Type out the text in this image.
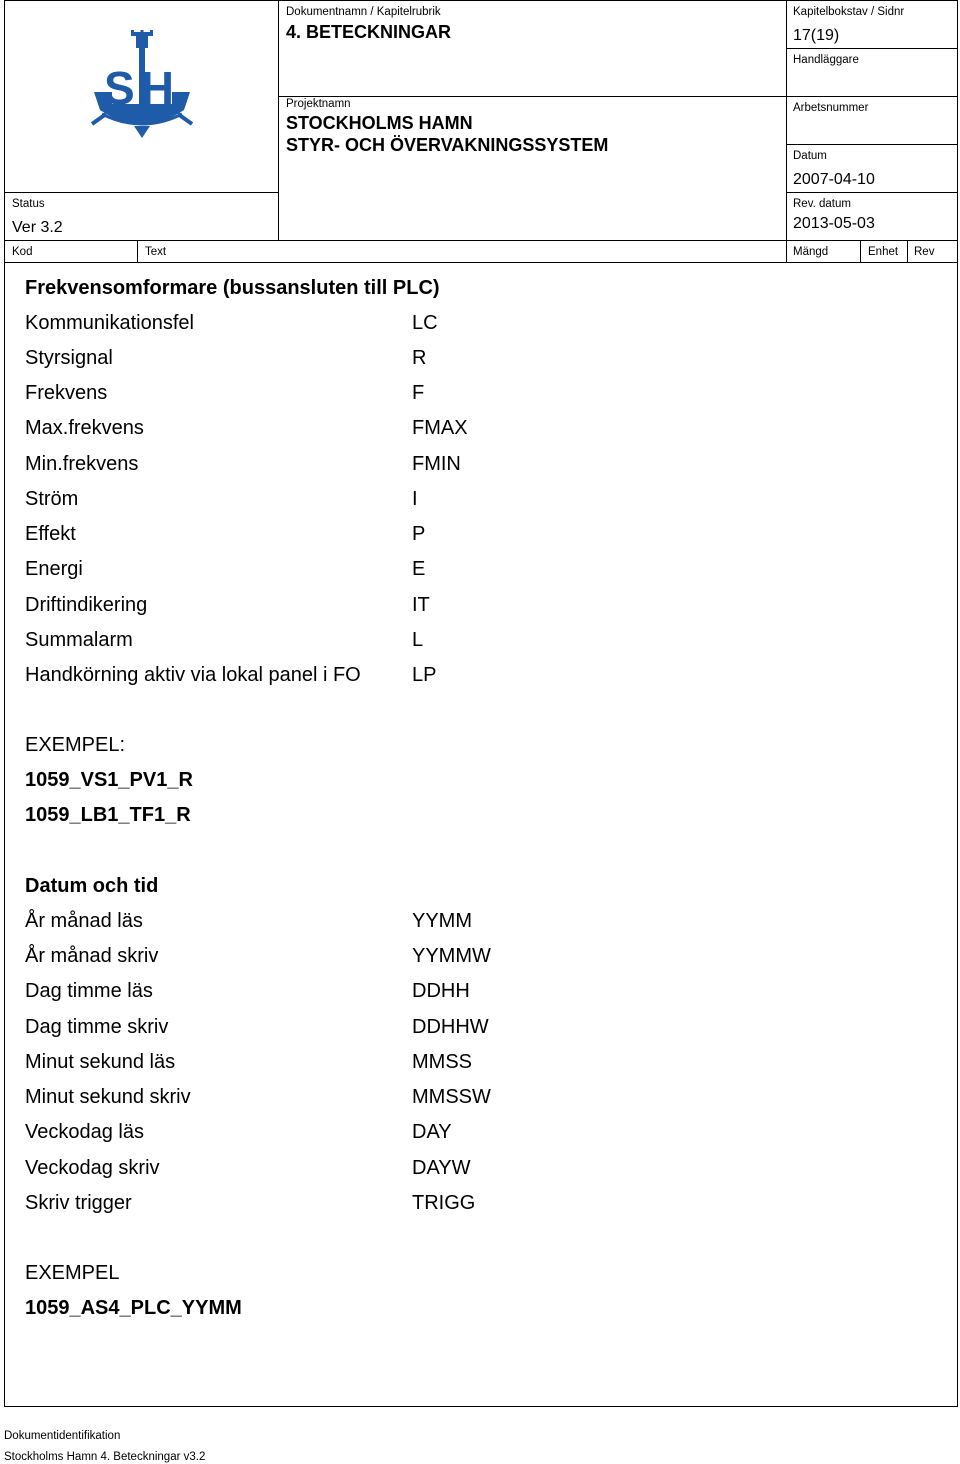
SH
Dokumentnamn / Kapitelrubrik
4. BETECKNINGAR
Kapitelbokstav / Sidnr
17(19)
Handläggare
Projektnamn
STOCKHOLMS HAMN
STYR- OCH ÖVERVAKNINGSSYSTEM
Arbetsnummer
Datum
2007-04-10
Status
Ver 3.2
Rev. datum
2013-05-03
Kod	Text	Mängd	Enhet Rev
Frekvensomformare (bussansluten till PLC)
Kommunikationsfel	LC
Styrsignal	R
Frekvens	F
Max.frekvens	FMAX
Min.frekvens	FMIN
Ström	I
Effekt	P
Energi	E
Driftindikering	IT
Summalarm	L
Handkörning aktiv via lokal panel i FO	LP
EXEMPEL:
1059_VS1_PV1_R
1059_LB1_TF1_R
Datum och tid
År månad läs	YYMM
År månad skriv	YYMMW
Dag timme läs	DDHH
Dag timme skriv	DDHHW
Minut sekund läs	MMSS
Minut sekund skriv	MMSSW
Veckodag läs	DAY
Veckodag skriv	DAYW
Skriv trigger	TRIGG
EXEMPEL
1059_AS4_PLC_YYMM
Dokumentidentifikation
Stockholms Hamn 4. Beteckningar v3.2
